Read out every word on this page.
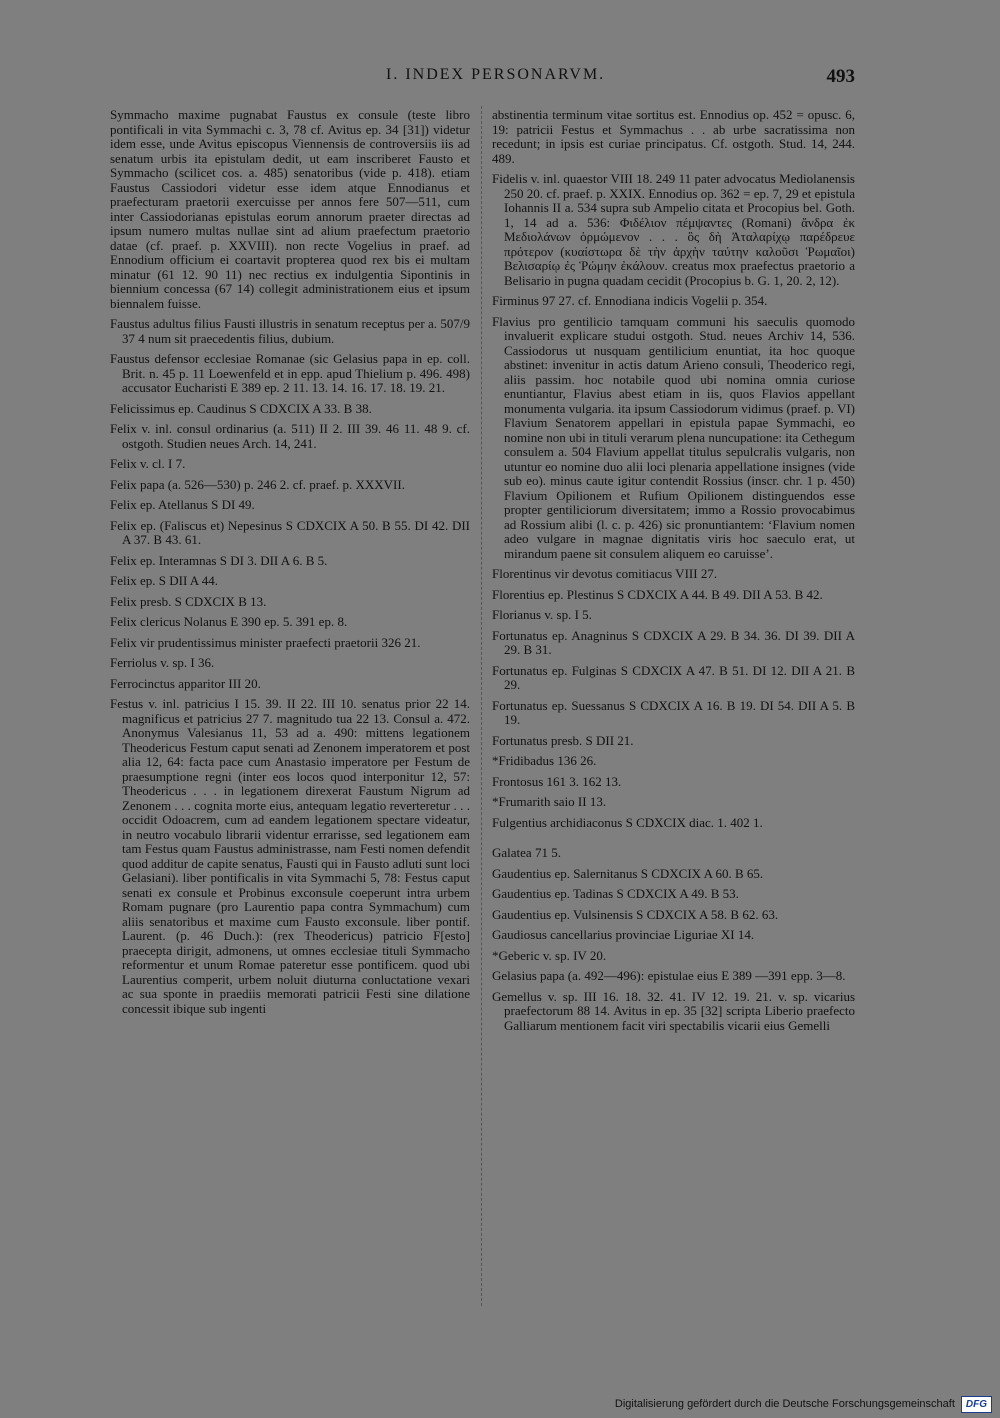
I. INDEX PERSONARVM.	493

Symmacho maxime pugnabat Faustus ex consule (teste libro pontificali in vita Symmachi c. 3, 78 cf. Avitus ep. 34 [31]) videtur idem esse, unde Avitus episcopus Viennensis de controversiis iis ad senatum urbis ita epistulam dedit, ut eam inscriberet Fausto et Symmacho (scilicet cos. a. 485) senatoribus (vide p. 418). etiam Faustus Cassiodori videtur esse idem atque Ennodianus et praefecturam praetorii exercuisse per annos fere 507—511, cum inter Cassiodorianas epistulas eorum annorum praeter directas ad ipsum numero multas nullae sint ad alium praefectum praetorio datae (cf. praef. p. XXVIII). non recte Vogelius in praef. ad Ennodium officium ei coartavit propterea quod rex bis ei multam minatur (61 12. 90 11) nec rectius ex indulgentia Sipontinis in biennium concessa (67 14) collegit administrationem eius et ipsum biennalem fuisse.

Faustus adultus filius Fausti illustris in senatum receptus per a. 507/9 37 4 num sit praecedentis filius, dubium.

Faustus defensor ecclesiae Romanae (sic Gelasius papa in ep. coll. Brit. n. 45 p. 11 Loewenfeld et in epp. apud Thielium p. 496. 498) accusator Eucharisti E 389 ep. 2 11. 13. 14. 16. 17. 18. 19. 21.

Felicissimus ep. Caudinus S CDXCIX A 33. B 38.

Felix v. inl. consul ordinarius (a. 511) II 2. III 39. 46 11. 48 9. cf. ostgoth. Studien neues Arch. 14, 241.

Felix v. cl. I 7.

Felix papa (a. 526—530) p. 246 2. cf. praef. p. XXXVII.

Felix ep. Atellanus S DI 49.

Felix ep. (Faliscus et) Nepesinus S CDXCIX A 50. B 55. DI 42. DII A 37. B 43. 61.

Felix ep. Interamnas S DI 3. DII A 6. B 5.

Felix ep. S DII A 44.

Felix presb. S CDXCIX B 13.

Felix clericus Nolanus E 390 ep. 5. 391 ep. 8.

Felix vir prudentissimus minister praefecti praetorii 326 21.

Ferriolus v. sp. I 36.

Ferrocinctus apparitor III 20.

Festus v. inl. patricius I 15. 39. II 22. III 10. senatus prior 22 14. magnificus et patricius 27 7. magnitudo tua 22 13. Consul a. 472. Anonymus Valesianus 11, 53 ad a. 490: mittens legationem Theodericus Festum caput senati ad Zenonem imperatorem et post alia 12, 64: facta pace cum Anastasio imperatore per Festum de praesumptione regni (inter eos locos quod interponitur 12, 57: Theodericus . . . in legationem direxerat Faustum Nigrum ad Zenonem . . . cognita morte eius, antequam legatio reverteretur . . . occidit Odoacrem, cum ad eandem legationem spectare videatur, in neutro vocabulo librarii videntur errarisse, sed legationem eam tam Festus quam Faustus administrasse, nam Festi nomen defendit quod additur de capite senatus, Fausti qui in Fausto adluti sunt loci Gelasiani). liber pontificalis in vita Symmachi 5, 78: Festus caput senati ex consule et Probinus exconsule coeperunt intra urbem Romam pugnare (pro Laurentio papa contra Symmachum) cum aliis senatoribus et maxime cum Fausto exconsule. liber pontif. Laurent. (p. 46 Duch.): (rex Theodericus) patricio F[esto] praecepta dirigit, admonens, ut omnes ecclesiae tituli Symmacho reformentur et unum Romae pateretur esse pontificem. quod ubi Laurentius comperit, urbem noluit diuturna conluctatione vexari ac sua sponte in praediis memorati patricii Festi sine dilatione concessit ibique sub ingenti

abstinentia terminum vitae sortitus est. Ennodius op. 452 = opusc. 6, 19: patricii Festus et Symmachus . . ab urbe sacratissima non recedunt; in ipsis est curiae principatus. Cf. ostgoth. Stud. 14, 244. 489.

Fidelis v. inl. quaestor VIII 18. 249 11 pater advocatus Mediolanensis 250 20. cf. praef. p. XXIX. Ennodius op. 362 = ep. 7, 29 et epistula Iohannis II a. 534 supra sub Ampelio citata et Procopius bel. Goth. 1, 14 ad a. 536: Φιδέλιον πέμψαντες (Romani) ἄνδρα ἐκ Μεδιολάνων ὁρμώμενον . . . ὃς δὴ Ἀταλαρίχῳ παρέδρευε πρότερον (κυαίστωρα δὲ τὴν ἀρχὴν ταύτην καλοῦσι Ῥωμαῖοι) Βελισαρίῳ ἐς Ῥώμην ἐκάλουν. creatus mox praefectus praetorio a Belisario in pugna quadam cecidit (Procopius b. G. 1, 20. 2, 12).

Firminus 97 27. cf. Ennodiana indicis Vogelii p. 354.

Flavius pro gentilicio tamquam communi his saeculis quomodo invaluerit explicare studui ostgoth. Stud. neues Archiv 14, 536. Cassiodorus ut nusquam gentilicium enuntiat, ita hoc quoque abstinet: invenitur in actis datum Arieno consuli, Theoderico regi, aliis passim. hoc notabile quod ubi nomina omnia curiose enuntiantur, Flavius abest etiam in iis, quos Flavios appellant monumenta vulgaria. ita ipsum Cassiodorum vidimus (praef. p. VI) Flavium Senatorem appellari in epistula papae Symmachi, eo nomine non ubi in tituli verarum plena nuncupatione: ita Cethegum consulem a. 504 Flavium appellat titulus sepulcralis vulgaris, non utuntur eo nomine duo alii loci plenaria appellatione insignes (vide sub eo). minus caute igitur contendit Rossius (inscr. chr. 1 p. 450) Flavium Opilionem et Rufium Opilionem distinguendos esse propter gentiliciorum diversitatem; immo a Rossio provocabimus ad Rossium alibi (l. c. p. 426) sic pronuntiantem: ‘Flavium nomen adeo vulgare in magnae dignitatis viris hoc saeculo erat, ut mirandum paene sit consulem aliquem eo caruisse’.

Florentinus vir devotus comitiacus VIII 27.

Florentius ep. Plestinus S CDXCIX A 44. B 49. DII A 53. B 42.

Florianus v. sp. I 5.

Fortunatus ep. Anagninus S CDXCIX A 29. B 34. 36. DI 39. DII A 29. B 31.

Fortunatus ep. Fulginas S CDXCIX A 47. B 51. DI 12. DII A 21. B 29.

Fortunatus ep. Suessanus S CDXCIX A 16. B 19. DI 54. DII A 5. B 19.

Fortunatus presb. S DII 21.

*Fridibadus 136 26.

Frontosus 161 3. 162 13.

*Frumarith saio II 13.

Fulgentius archidiaconus S CDXCIX diac. 1. 402 1.

Galatea 71 5.

Gaudentius ep. Salernitanus S CDXCIX A 60. B 65.

Gaudentius ep. Tadinas S CDXCIX A 49. B 53.

Gaudentius ep. Vulsinensis S CDXCIX A 58. B 62. 63.

Gaudiosus cancellarius provinciae Liguriae XI 14.

*Geberic v. sp. IV 20.

Gelasius papa (a. 492—496): epistulae eius E 389 —391 epp. 3—8.

Gemellus v. sp. III 16. 18. 32. 41. IV 12. 19. 21. v. sp. vicarius praefectorum 88 14. Avitus in ep. 35 [32] scripta Liberio praefecto Galliarum mentionem facit viri spectabilis vicarii eius Gemelli

Digitalisierung gefördert durch die Deutsche Forschungsgemeinschaft	DFG
